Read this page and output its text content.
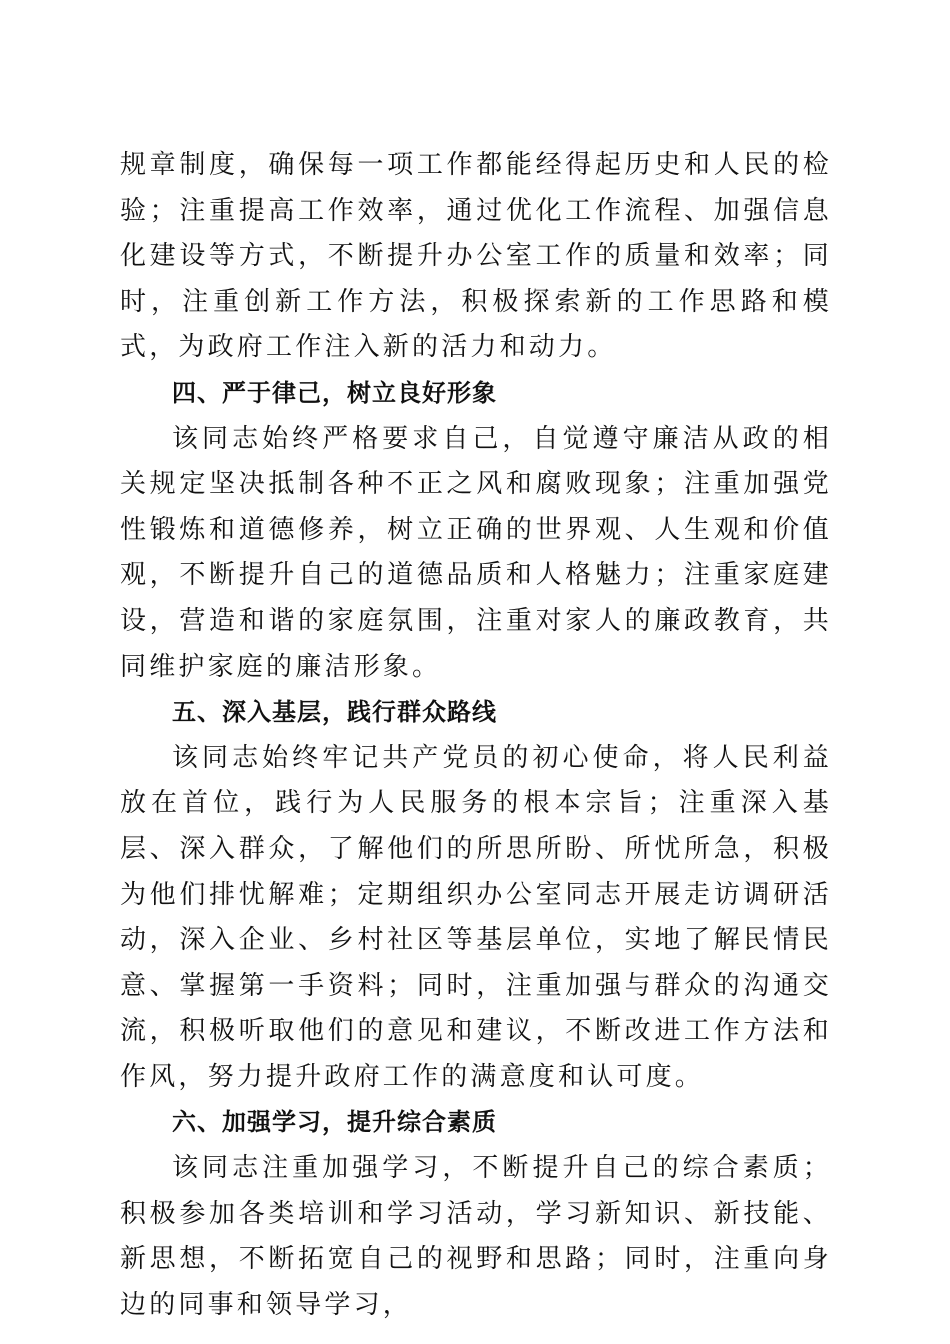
规章制度，确保每一项工作都能经得起历史和人民的检验；注重提高工作效率，通过优化工作流程、加强信息化建设等方式，不断提升办公室工作的质量和效率；同时，注重创新工作方法，积极探索新的工作思路和模式，为政府工作注入新的活力和动力。

四、严于律己，树立良好形象

该同志始终严格要求自己，自觉遵守廉洁从政的相关规定坚决抵制各种不正之风和腐败现象；注重加强党性锻炼和道德修养，树立正确的世界观、人生观和价值观，不断提升自己的道德品质和人格魅力；注重家庭建设，营造和谐的家庭氛围，注重对家人的廉政教育，共同维护家庭的廉洁形象。

五、深入基层，践行群众路线

该同志始终牢记共产党员的初心使命，将人民利益放在首位，践行为人民服务的根本宗旨；注重深入基层、深入群众，了解他们的所思所盼、所忧所急，积极为他们排忧解难；定期组织办公室同志开展走访调研活动，深入企业、乡村社区等基层单位，实地了解民情民意、掌握第一手资料；同时，注重加强与群众的沟通交流，积极听取他们的意见和建议，不断改进工作方法和作风，努力提升政府工作的满意度和认可度。

六、加强学习，提升综合素质

该同志注重加强学习，不断提升自己的综合素质；积极参加各类培训和学习活动，学习新知识、新技能、新思想，不断拓宽自己的视野和思路；同时，注重向身边的同事和领导学习，
